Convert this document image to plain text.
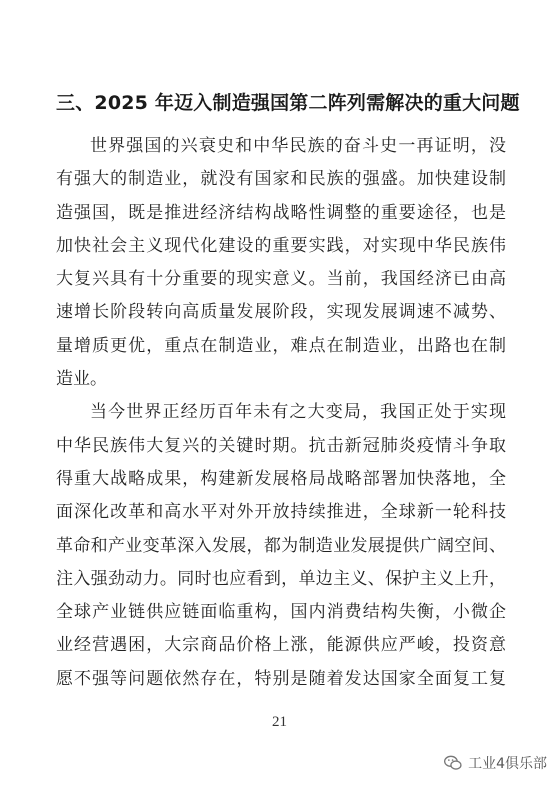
三、2025 年迈入制造强国第二阵列需解决的重大问题
世界强国的兴衰史和中华民族的奋斗史一再证明，没
有强大的制造业，就没有国家和民族的强盛。加快建设制
造强国，既是推进经济结构战略性调整的重要途径，也是
加快社会主义现代化建设的重要实践，对实现中华民族伟
大复兴具有十分重要的现实意义。当前，我国经济已由高
速增长阶段转向高质量发展阶段，实现发展调速不减势、
量增质更优，重点在制造业，难点在制造业，出路也在制
造业。
当今世界正经历百年未有之大变局，我国正处于实现
中华民族伟大复兴的关键时期。抗击新冠肺炎疫情斗争取
得重大战略成果，构建新发展格局战略部署加快落地，全
面深化改革和高水平对外开放持续推进，全球新一轮科技
革命和产业变革深入发展，都为制造业发展提供广阔空间、
注入强劲动力。同时也应看到，单边主义、保护主义上升，
全球产业链供应链面临重构，国内消费结构失衡，小微企
业经营遇困，大宗商品价格上涨，能源供应严峻，投资意
愿不强等问题依然存在，特别是随着发达国家全面复工复
21
工业4俱乐部
